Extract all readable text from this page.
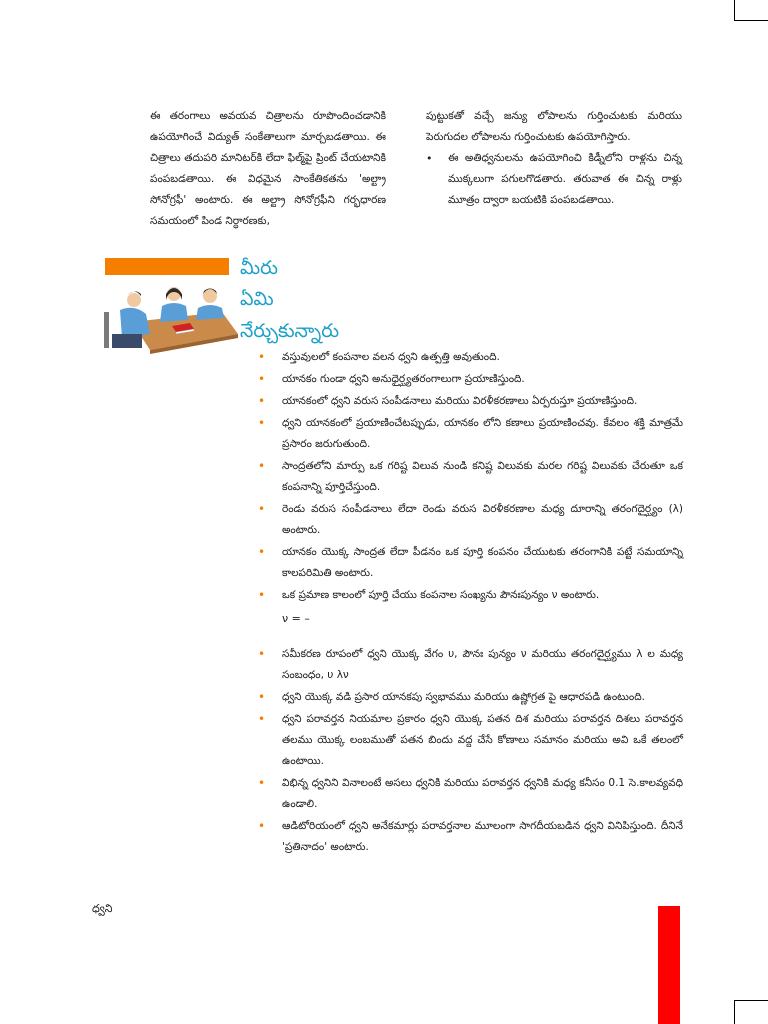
ఈ తరంగాలు అవయవ చిత్రాలను రూపొందించడానికి ఉపయోగించే విద్యుత్ సంకేతాలుగా మార్చబడతాయి. ఈ చిత్రాలు తదుపరి మానిటర్‌కి లేదా ఫిల్మ్‌పై ప్రింట్ చేయటానికి పంపబడతాయి. ఈ విధమైన సాంకేతికతను 'అల్ట్రా సోనోగ్రఫీ' అంటారు. ఈ అల్ట్రా సోనోగ్రఫీని గర్భధారణ సమయంలో పిండ నిర్ధారణకు,

పుట్టుకతో వచ్చే జన్యు లోపాలను గుర్తించుటకు మరియు పెరుగుదల లోపాలను గుర్తించుటకు ఉపయోగిస్తారు.
• ఈ అతిధ్వనులను ఉపయోగించి కిడ్నీలోని రాళ్లను చిన్న ముక్కలుగా పగులగొడతారు. తరువాత ఈ చిన్న రాళ్లు మూత్రం ద్వారా బయటికి పంపబడతాయి.
మీరు
ఏమి
నేర్చుకున్నారు
• వస్తువులలో కంపనాల వలన ధ్వని ఉత్పత్తి అవుతుంది.
• యానకం గుండా ధ్వని అనుధైర్ఘ్యతరంగాలుగా ప్రయాణిస్తుంది.
• యానకంలో ధ్వని వరుస సంపీడనాలు మరియు విరళీకరణాలు ఏర్పరుస్తూ ప్రయాణిస్తుంది.
• ధ్వని యానకంలో ప్రయాణించేటప్పుడు, యానకం లోని కణాలు ప్రయాణించవు. కేవలం శక్తి మాత్రమే ప్రసారం జరుగుతుంది.
• సాంద్రతలోని మార్పు ఒక గరిష్ట విలువ నుండి కనిష్ట విలువకు మరల గరిష్ట విలువకు చేరుతూ ఒక కంపనాన్ని పూర్తిచేస్తుంది.
• రెండు వరుస సంపీడనాలు లేదా రెండు వరుస విరళీకరణాల మధ్య దూరాన్ని తరంగదైర్ఘ్యం (λ) అంటారు.
• యానకం యొక్క సాంద్రత లేదా పీడనం ఒక పూర్తి కంపనం చేయుటకు తరంగానికి పట్టే సమయాన్ని కాలపరిమితి అంటారు.
• ఒక ప్రమాణ కాలంలో పూర్తి చేయు కంపనాల సంఖ్యను పౌనఃపున్యం ν అంటారు.
ν = –
• సమీకరణ రూపంలో ధ్వని యొక్క వేగం υ, పౌనః పున్యం ν మరియు తరంగదైర్ఘ్యము λ ల మధ్య సంబంధం, υ λν
• ధ్వని యొక్క వడి ప్రసార యానకపు స్వభావము మరియు ఉష్ణోగ్రత పై ఆధారపడి ఉంటుంది.
• ధ్వని పరావర్తన నియమాల ప్రకారం ధ్వని యొక్క పతన దిశ మరియు పరావర్తన దిశలు పరావర్తన తలము యొక్క లంబముతో పతన బిందు వద్ద చేసే కోణాలు సమానం మరియు అవి ఒకే తలంలో ఉంటాయి.
• విభిన్న ధ్వనిని వినాలంటే అసలు ధ్వనికి మరియు పరావర్తన ధ్వనికి మధ్య కనీసం 0.1 సె.కాలవ్యవధి ఉండాలి.
• ఆడిటోరియంలో ధ్వని అనేకమార్లు పరావర్తనాల మూలంగా సాగదీయబడిన ధ్వని వినిపిస్తుంది. దీనినే 'ప్రతినాదం' అంటారు.
ధ్వని
